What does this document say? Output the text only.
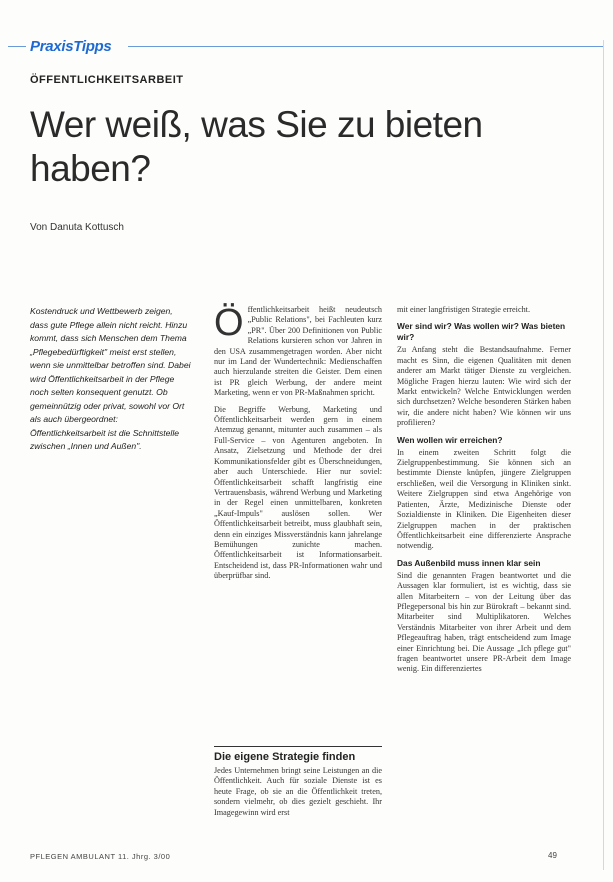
PraxisTipps
ÖFFENTLICHKEITSARBEIT
Wer weiß, was Sie zu bieten haben?
Von Danuta Kottusch
Kostendruck und Wettbewerb zeigen, dass gute Pflege allein nicht reicht. Hinzu kommt, dass sich Menschen dem Thema „Pflegebedürftigkeit" meist erst stellen, wenn sie unmittelbar betroffen sind. Dabei wird Öffentlichkeitsarbeit in der Pflege noch selten konsequent genutzt. Ob gemeinnützig oder privat, sowohl vor Ort als auch übergeordnet: Öffentlichkeitsarbeit ist die Schnittstelle zwischen „Innen und Außen".

Öffentlichkeitsarbeit heißt neudeutsch „Public Relations", bei Fachleuten kurz „PR". Über 200 Definitionen von Public Relations kursieren schon vor Jahren in den USA zusammengetragen worden. Aber nicht nur im Land der Wundertechnik: Medienschaffen auch hierzulande streiten die Geister. Dem einen ist PR gleich Werbung, der andere meint Marketing, wenn er von PR-Maßnahmen spricht.

Die Begriffe Werbung, Marketing und Öffentlichkeitsarbeit werden gern in einem Atemzug genannt, mitunter auch zusammen – als Full-Service – von Agenturen angeboten. In Ansatz, Zielsetzung und Methode der drei Kommunikationsfelder gibt es Überschneidungen, aber auch Unterschiede. Hier nur soviel: Öffentlichkeitsarbeit schafft langfristig eine Vertrauensbasis, während Werbung und Marketing in der Regel einen unmittelbaren, konkreten „Kauf-Impuls" auslösen sollen. Wer Öffentlichkeitsarbeit betreibt, muss glaubhaft sein, denn ein einziges Missverständnis kann jahrelange Bemühungen zunichte machen. Öffentlichkeitsarbeit ist Informationsarbeit. Entscheidend ist, dass PR-Informationen wahr und überprüfbar sind.

Die eigene Strategie finden

Jedes Unternehmen bringt seine Leistungen an die Öffentlichkeit. Auch für soziale Dienste ist es heute Frage, ob sie an die Öffentlichkeit treten, sondern vielmehr, ob dies gezielt geschieht. Ihr Imagegewinn wird erst

mit einer langfristigen Strategie erreicht.

Wer sind wir? Was wollen wir? Was bieten wir?

Zu Anfang steht die Bestandsaufnahme. Ferner macht es Sinn, die eigenen Qualitäten mit denen anderer am Markt tätiger Dienste zu vergleichen. Mögliche Fragen hierzu lauten: Wie wird sich der Markt entwickeln? Welche Entwicklungen werden sich durchsetzen? Welche besonderen Stärken haben wir, die andere nicht haben? Wie können wir uns profilieren?

Wen wollen wir erreichen?

In einem zweiten Schritt folgt die Zielgruppenbestimmung. Sie können sich an bestimmte Dienste knüpfen, jüngere Zielgruppen erschließen, weil die Versorgung in Kliniken sinkt. Weitere Zielgruppen sind etwa Angehörige von Patienten, Ärzte, Medizinische Dienste oder Sozialdienste in Kliniken. Die Eigenheiten dieser Zielgruppen machen in der praktischen Öffentlichkeitsarbeit eine differenzierte Ansprache notwendig.

Das Außenbild muss innen klar sein

Sind die genannten Fragen beantwortet und die Aussagen klar formuliert, ist es wichtig, dass sie allen Mitarbeitern – von der Leitung über das Pflegepersonal bis hin zur Bürokraft – bekannt sind. Mitarbeiter sind Multiplikatoren. Welches Verständnis Mitarbeiter von ihrer Arbeit und dem Pflegeauftrag haben, trägt entscheidend zum Image einer Einrichtung bei. Die Aussage „Ich pflege gut" fragen beantwortet unsere PR-Arbeit dem Image wenig. Ein differenziertes

PFLEGEN AMBULANT 11. Jhrg. 3/00	49
